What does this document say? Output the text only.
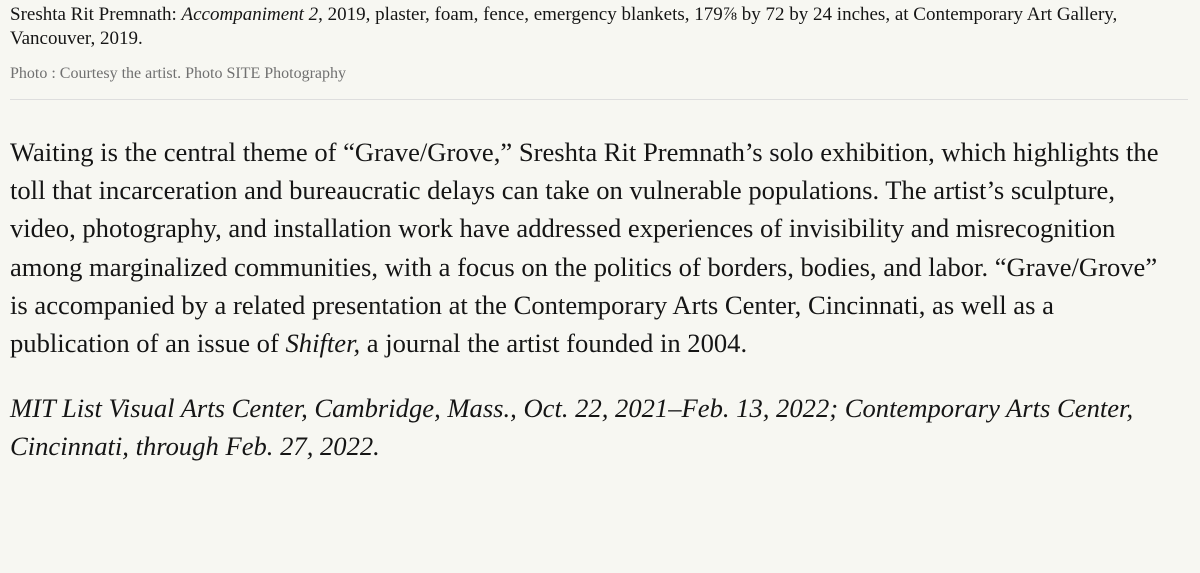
Sreshta Rit Premnath: Accompaniment 2, 2019, plaster, foam, fence, emergency blankets, 179⅞ by 72 by 24 inches, at Contemporary Art Gallery, Vancouver, 2019.
Photo : Courtesy the artist. Photo SITE Photography

Waiting is the central theme of “Grave/Grove,” Sreshta Rit Premnath’s solo exhibition, which highlights the toll that incarceration and bureaucratic delays can take on vulnerable populations. The artist’s sculpture, video, photography, and installation work have addressed experiences of invisibility and misrecognition among marginalized communities, with a focus on the politics of borders, bodies, and labor. “Grave/Grove” is accompanied by a related presentation at the Contemporary Arts Center, Cincinnati, as well as a publication of an issue of Shifter, a journal the artist founded in 2004.

MIT List Visual Arts Center, Cambridge, Mass., Oct. 22, 2021–Feb. 13, 2022; Contemporary Arts Center, Cincinnati, through Feb. 27, 2022.
